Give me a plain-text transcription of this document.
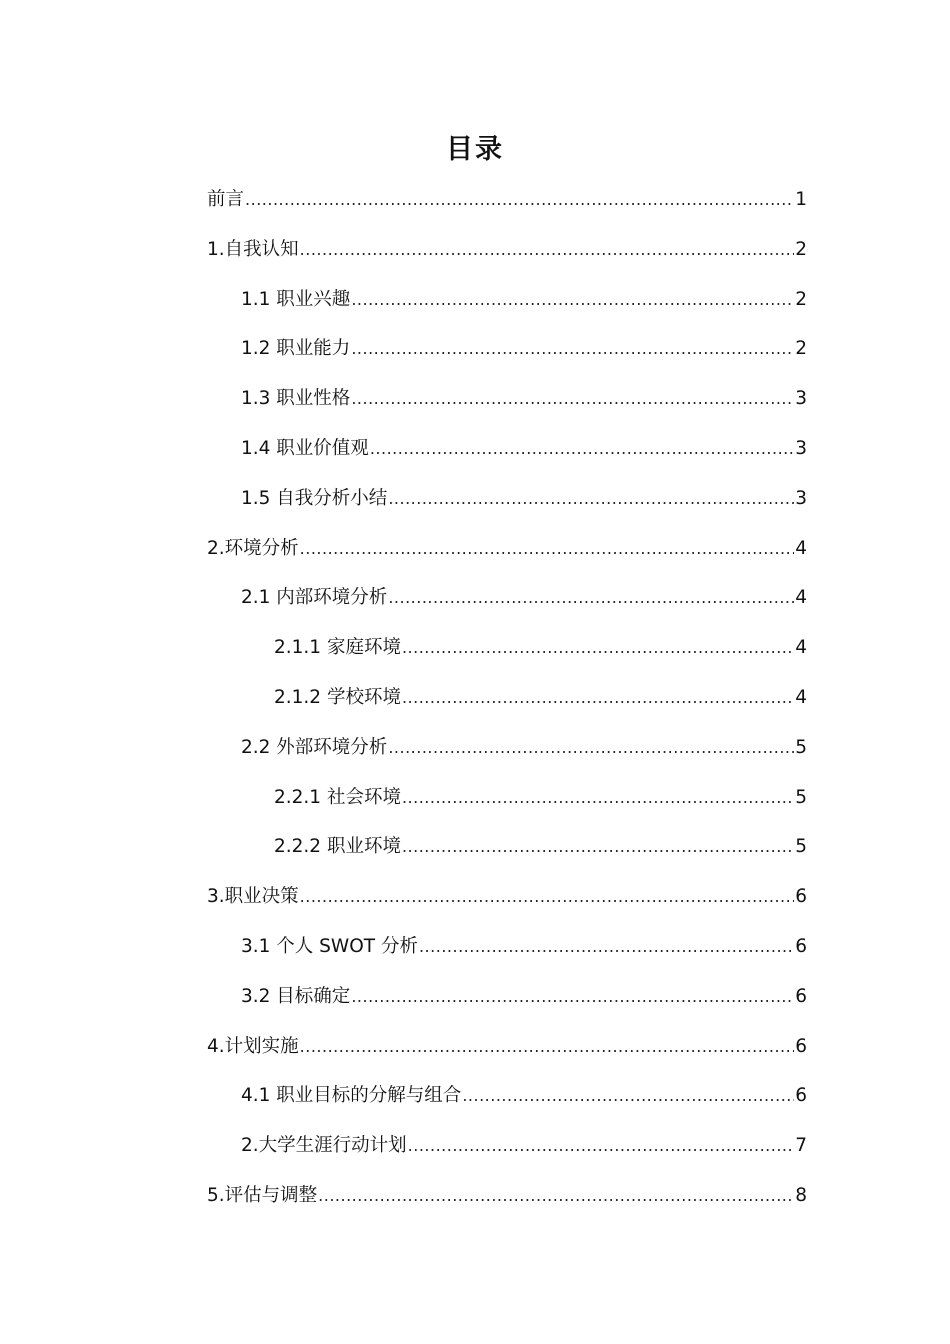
目录
前言 .....	1
1.自我认知 .....	2
1.1 职业兴趣 .....	2
1.2 职业能力 .....	2
1.3 职业性格 .....	3
1.4 职业价值观 .....	3
1.5 自我分析小结 .....	3
2.环境分析 .....	4
2.1 内部环境分析 .....	4
2.1.1 家庭环境 .....	4
2.1.2 学校环境 .....	4
2.2 外部环境分析 .....	5
2.2.1 社会环境 .....	5
2.2.2 职业环境 .....	5
3.职业决策 .....	6
3.1 个人 SWOT 分析 .....	6
3.2 目标确定 .....	6
4.计划实施 .....	6
4.1 职业目标的分解与组合 .....	6
2.大学生涯行动计划 .....	7
5.评估与调整 .....	8
